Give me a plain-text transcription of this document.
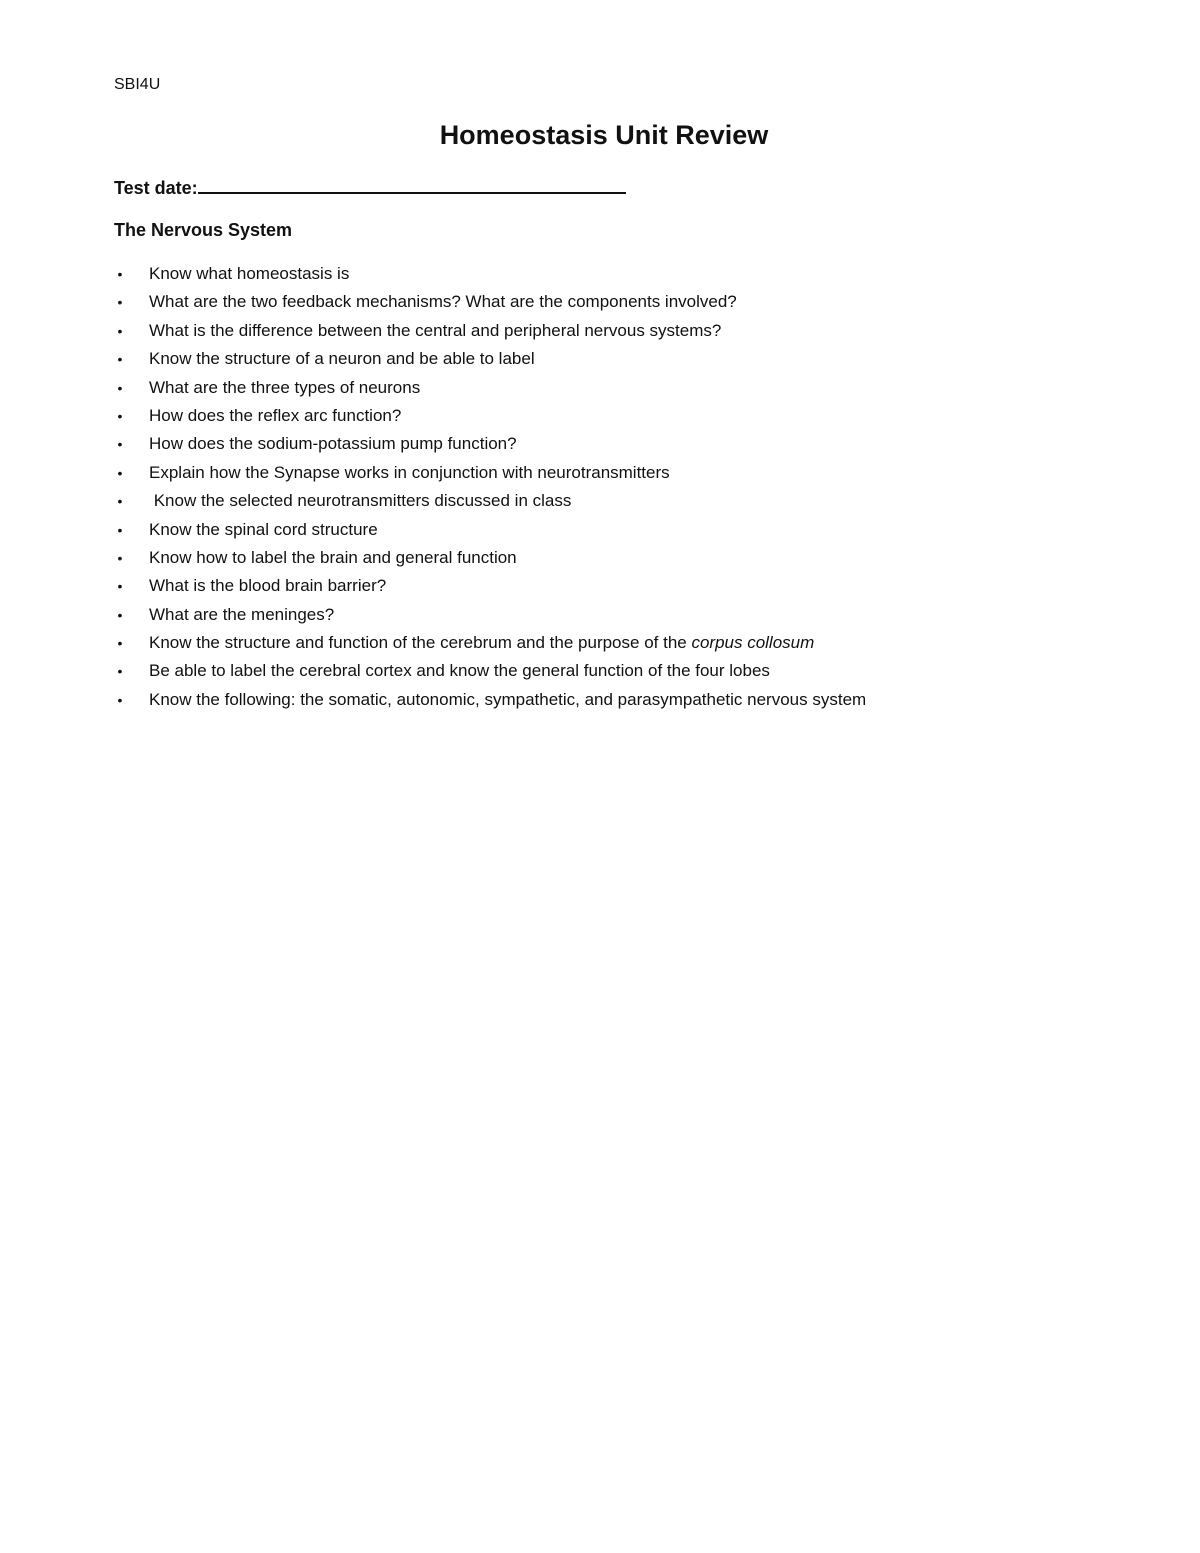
SBI4U
Homeostasis Unit Review
Test date:
The Nervous System
• Know what homeostasis is
• What are the two feedback mechanisms? What are the components involved?
• What is the difference between the central and peripheral nervous systems?
• Know the structure of a neuron and be able to label
• What are the three types of neurons
• How does the reflex arc function?
• How does the sodium-potassium pump function?
• Explain how the Synapse works in conjunction with neurotransmitters
• Know the selected neurotransmitters discussed in class
• Know the spinal cord structure
• Know how to label the brain and general function
• What is the blood brain barrier?
• What are the meninges?
• Know the structure and function of the cerebrum and the purpose of the corpus collosum
• Be able to label the cerebral cortex and know the general function of the four lobes
• Know the following: the somatic, autonomic, sympathetic, and parasympathetic nervous system
